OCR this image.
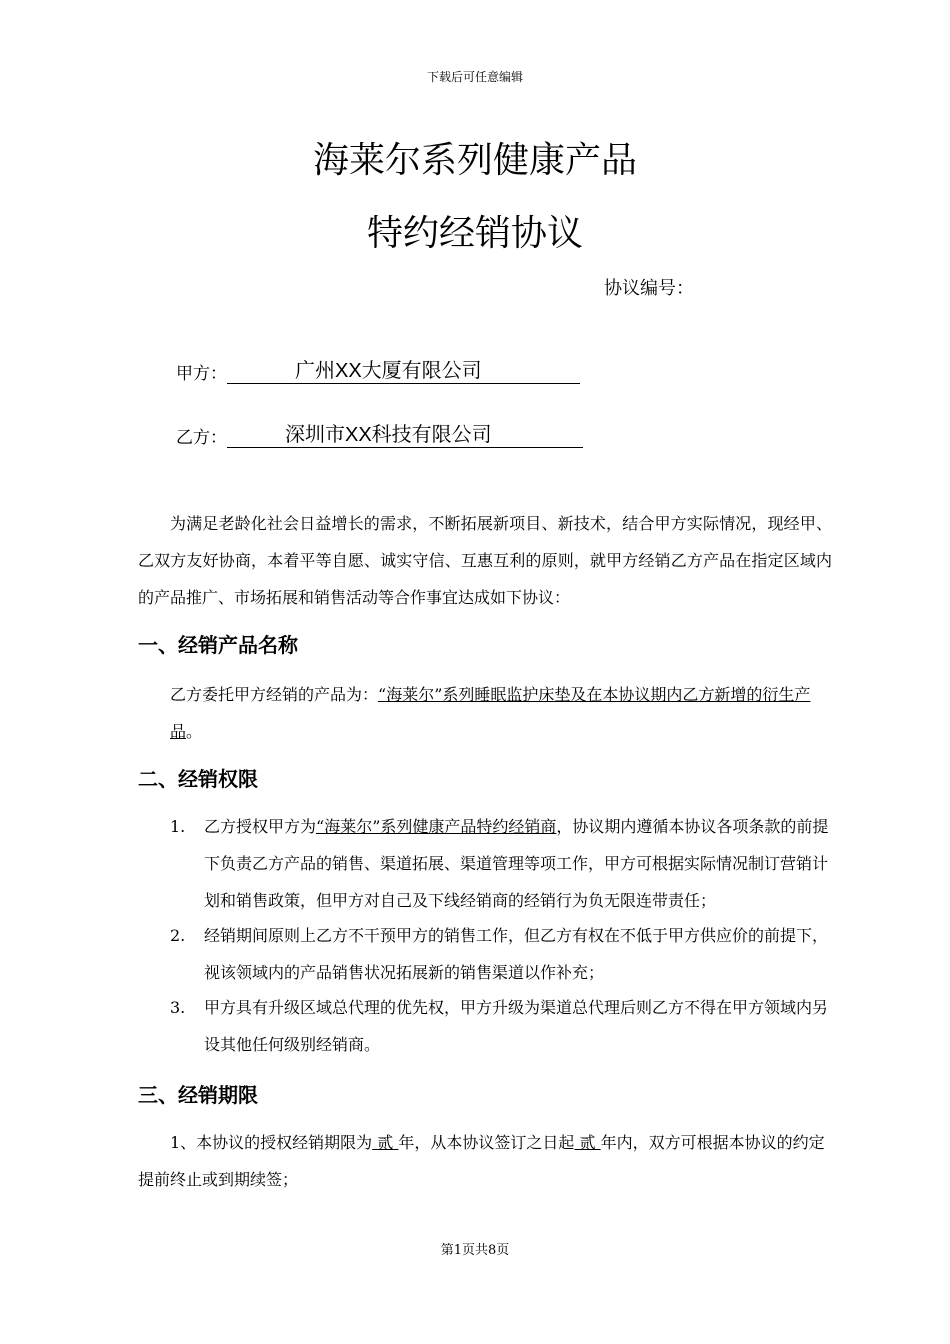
下载后可任意编辑
海莱尔系列健康产品
特约经销协议
协议编号：
甲方：	广州XX大厦有限公司
乙方：	深圳市XX科技有限公司
为满足老龄化社会日益增长的需求，不断拓展新项目、新技术，结合甲方实际情况，现经甲、乙双方友好协商，本着平等自愿、诚实守信、互惠互利的原则，就甲方经销乙方产品在指定区域内的产品推广、市场拓展和销售活动等合作事宜达成如下协议：
一、经销产品名称
乙方委托甲方经销的产品为：“海莱尔”系列睡眠监护床垫及在本协议期内乙方新增的衍生产品。
二、经销权限
1. 乙方授权甲方为“海莱尔”系列健康产品特约经销商，协议期内遵循本协议各项条款的前提下负责乙方产品的销售、渠道拓展、渠道管理等项工作，甲方可根据实际情况制订营销计划和销售政策，但甲方对自己及下线经销商的经销行为负无限连带责任；
2. 经销期间原则上乙方不干预甲方的销售工作，但乙方有权在不低于甲方供应价的前提下，视该领域内的产品销售状况拓展新的销售渠道以作补充；
3. 甲方具有升级区域总代理的优先权，甲方升级为渠道总代理后则乙方不得在甲方领域内另设其他任何级别经销商。
三、经销期限
1、本协议的授权经销期限为 贰 年，从本协议签订之日起 贰 年内，双方可根据本协议的约定提前终止或到期续签；
第1页共8页
